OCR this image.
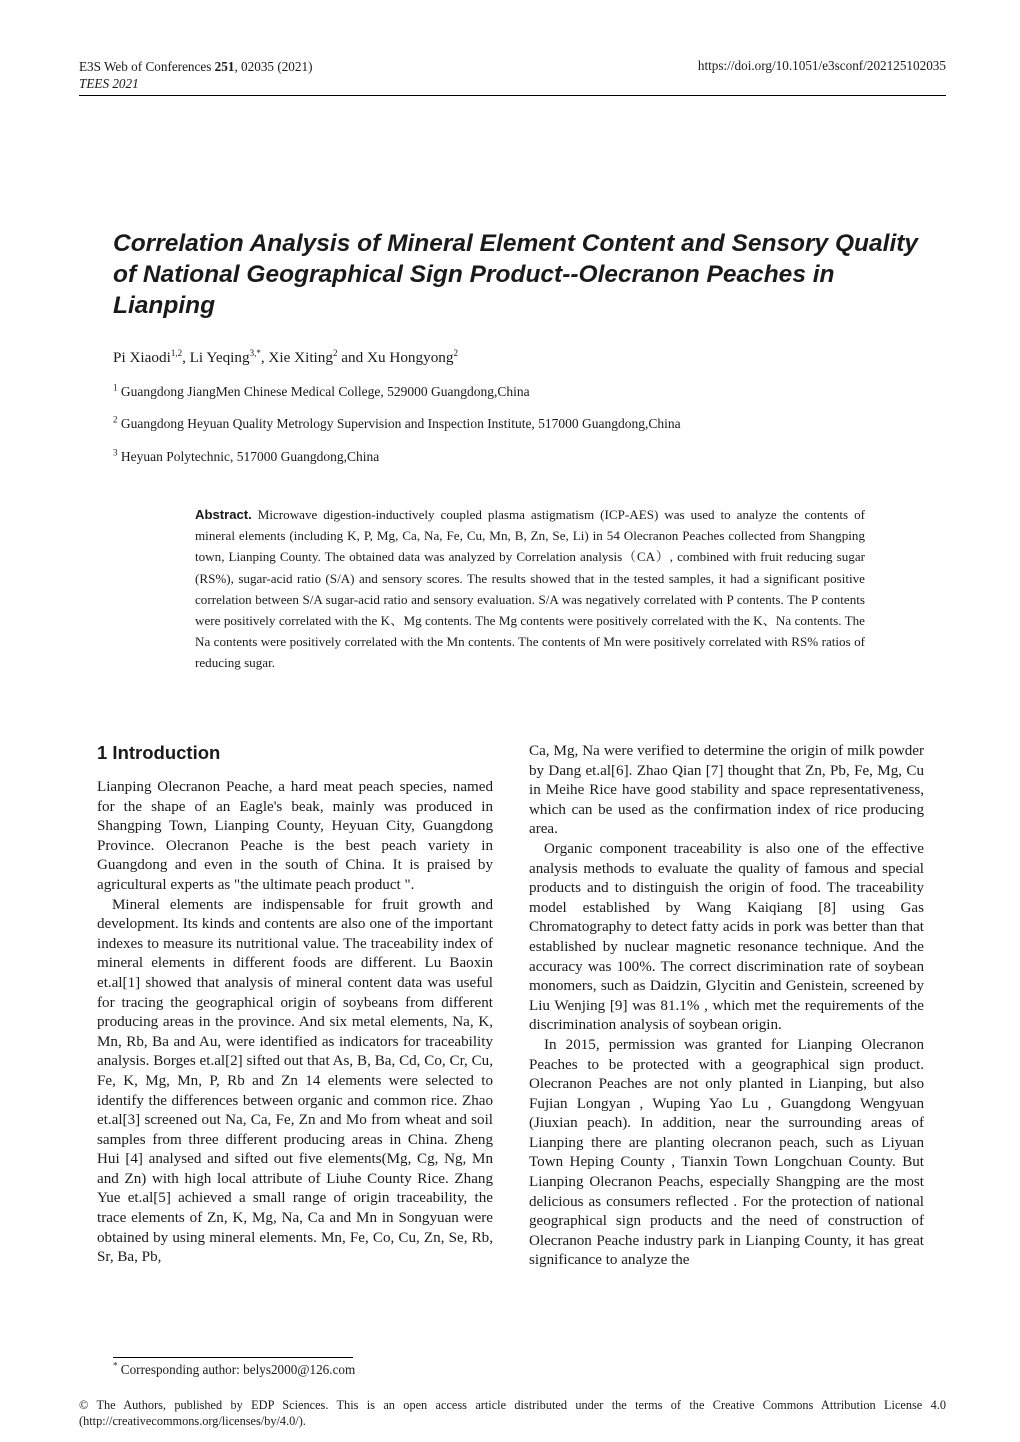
E3S Web of Conferences 251, 02035 (2021)
TEES 2021
https://doi.org/10.1051/e3sconf/202125102035
Correlation Analysis of Mineral Element Content and Sensory Quality of National Geographical Sign Product--Olecranon Peaches in Lianping
Pi Xiaodi$^{1,2}$, Li Yeqing$^{3,*}$, Xie Xiting$^2$ and Xu Hongyong$^2$
$^1$ Guangdong JiangMen Chinese Medical College, 529000 Guangdong,China
$^2$ Guangdong Heyuan Quality Metrology Supervision and Inspection Institute, 517000 Guangdong,China
$^3$ Heyuan Polytechnic, 517000 Guangdong,China

Abstract. Microwave digestion-inductively coupled plasma astigmatism (ICP-AES) was used to analyze the contents of mineral elements (including K, P, Mg, Ca, Na, Fe, Cu, Mn, B, Zn, Se, Li) in 54 Olecranon Peaches collected from Shangping town, Lianping County. The obtained data was analyzed by Correlation analysis（CA）, combined with fruit reducing sugar (RS%), sugar-acid ratio (S/A) and sensory scores. The results showed that in the tested samples, it had a significant positive correlation between S/A sugar-acid ratio and sensory evaluation. S/A was negatively correlated with P contents. The P contents were positively correlated with the K、Mg contents. The Mg contents were positively correlated with the K、Na contents. The Na contents were positively correlated with the Mn contents. The contents of Mn were positively correlated with RS% ratios of reducing sugar.

1 Introduction

Lianping Olecranon Peache, a hard meat peach species, named for the shape of an Eagle's beak, mainly was produced in Shangping Town, Lianping County, Heyuan City, Guangdong Province. Olecranon Peache is the best peach variety in Guangdong and even in the south of China. It is praised by agricultural experts as "the ultimate peach product ".

Mineral elements are indispensable for fruit growth and development. Its kinds and contents are also one of the important indexes to measure its nutritional value. The traceability index of mineral elements in different foods are different. Lu Baoxin et.al[1] showed that analysis of mineral content data was useful for tracing the geographical origin of soybeans from different producing areas in the province. And six metal elements, Na, K, Mn, Rb, Ba and Au, were identified as indicators for traceability analysis. Borges et.al[2] sifted out that As, B, Ba, Cd, Co, Cr, Cu, Fe, K, Mg, Mn, P, Rb and Zn 14 elements were selected to identify the differences between organic and common rice. Zhao et.al[3] screened out Na, Ca, Fe, Zn and Mo from wheat and soil samples from three different producing areas in China. Zheng Hui [4] analysed and sifted out five elements(Mg, Cg, Ng, Mn and Zn) with high local attribute of Liuhe County Rice. Zhang Yue et.al[5] achieved a small range of origin traceability, the trace elements of Zn, K, Mg, Na, Ca and Mn in Songyuan were obtained by using mineral elements. Mn, Fe, Co, Cu, Zn, Se, Rb, Sr, Ba, Pb,

Ca, Mg, Na were verified to determine the origin of milk powder by Dang et.al[6]. Zhao Qian [7] thought that Zn, Pb, Fe, Mg, Cu in Meihe Rice have good stability and space representativeness, which can be used as the confirmation index of rice producing area.

Organic component traceability is also one of the effective analysis methods to evaluate the quality of famous and special products and to distinguish the origin of food. The traceability model established by Wang Kaiqiang [8] using Gas Chromatography to detect fatty acids in pork was better than that established by nuclear magnetic resonance technique. And the accuracy was 100%. The correct discrimination rate of soybean monomers, such as Daidzin, Glycitin and Genistein, screened by Liu Wenjing [9] was 81.1% , which met the requirements of the discrimination analysis of soybean origin.

In 2015, permission was granted for Lianping Olecranon Peaches to be protected with a geographical sign product. Olecranon Peaches are not only planted in Lianping, but also Fujian Longyan , Wuping Yao Lu , Guangdong Wengyuan (Jiuxian peach). In addition, near the surrounding areas of Lianping there are planting olecranon peach, such as Liyuan Town Heping County , Tianxin Town Longchuan County. But Lianping Olecranon Peachs, especially Shangping are the most delicious as consumers reflected . For the protection of national geographical sign products and the need of construction of Olecranon Peache industry park in Lianping County, it has great significance to analyze the

* Corresponding author: belys2000@126.com
© The Authors, published by EDP Sciences. This is an open access article distributed under the terms of the Creative Commons Attribution License 4.0 (http://creativecommons.org/licenses/by/4.0/).
